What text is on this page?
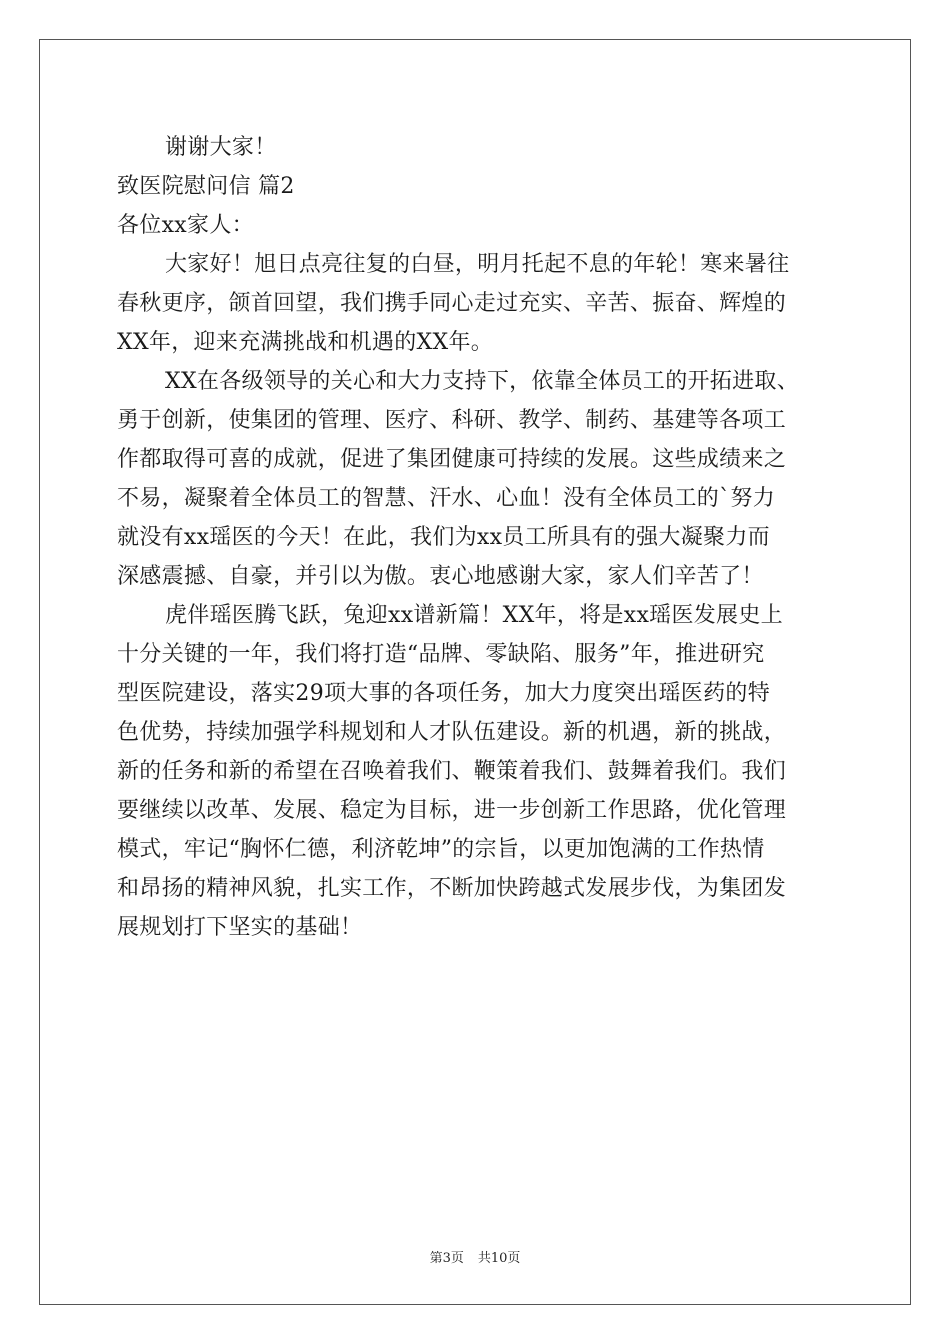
谢谢大家！
致医院慰问信 篇2
各位xx家人：
大家好！旭日点亮往复的白昼，明月托起不息的年轮！寒来暑往
春秋更序，颌首回望，我们携手同心走过充实、辛苦、振奋、辉煌的
XX年，迎来充满挑战和机遇的XX年。
XX在各级领导的关心和大力支持下，依靠全体员工的开拓进取、
勇于创新，使集团的管理、医疗、科研、教学、制药、基建等各项工
作都取得可喜的成就，促进了集团健康可持续的发展。这些成绩来之
不易，凝聚着全体员工的智慧、汗水、心血！没有全体员工的`努力
就没有xx瑶医的今天！在此，我们为xx员工所具有的强大凝聚力而
深感震撼、自豪，并引以为傲。衷心地感谢大家，家人们辛苦了！
虎伴瑶医腾飞跃，兔迎xx谱新篇！XX年，将是xx瑶医发展史上
十分关键的一年，我们将打造“品牌、零缺陷、服务”年，推进研究
型医院建设，落实29项大事的各项任务，加大力度突出瑶医药的特
色优势，持续加强学科规划和人才队伍建设。新的机遇，新的挑战，
新的任务和新的希望在召唤着我们、鞭策着我们、鼓舞着我们。我们
要继续以改革、发展、稳定为目标，进一步创新工作思路，优化管理
模式，牢记“胸怀仁德，利济乾坤”的宗旨，以更加饱满的工作热情
和昂扬的精神风貌，扎实工作，不断加快跨越式发展步伐，为集团发
展规划打下坚实的基础！
第3页 共10页
